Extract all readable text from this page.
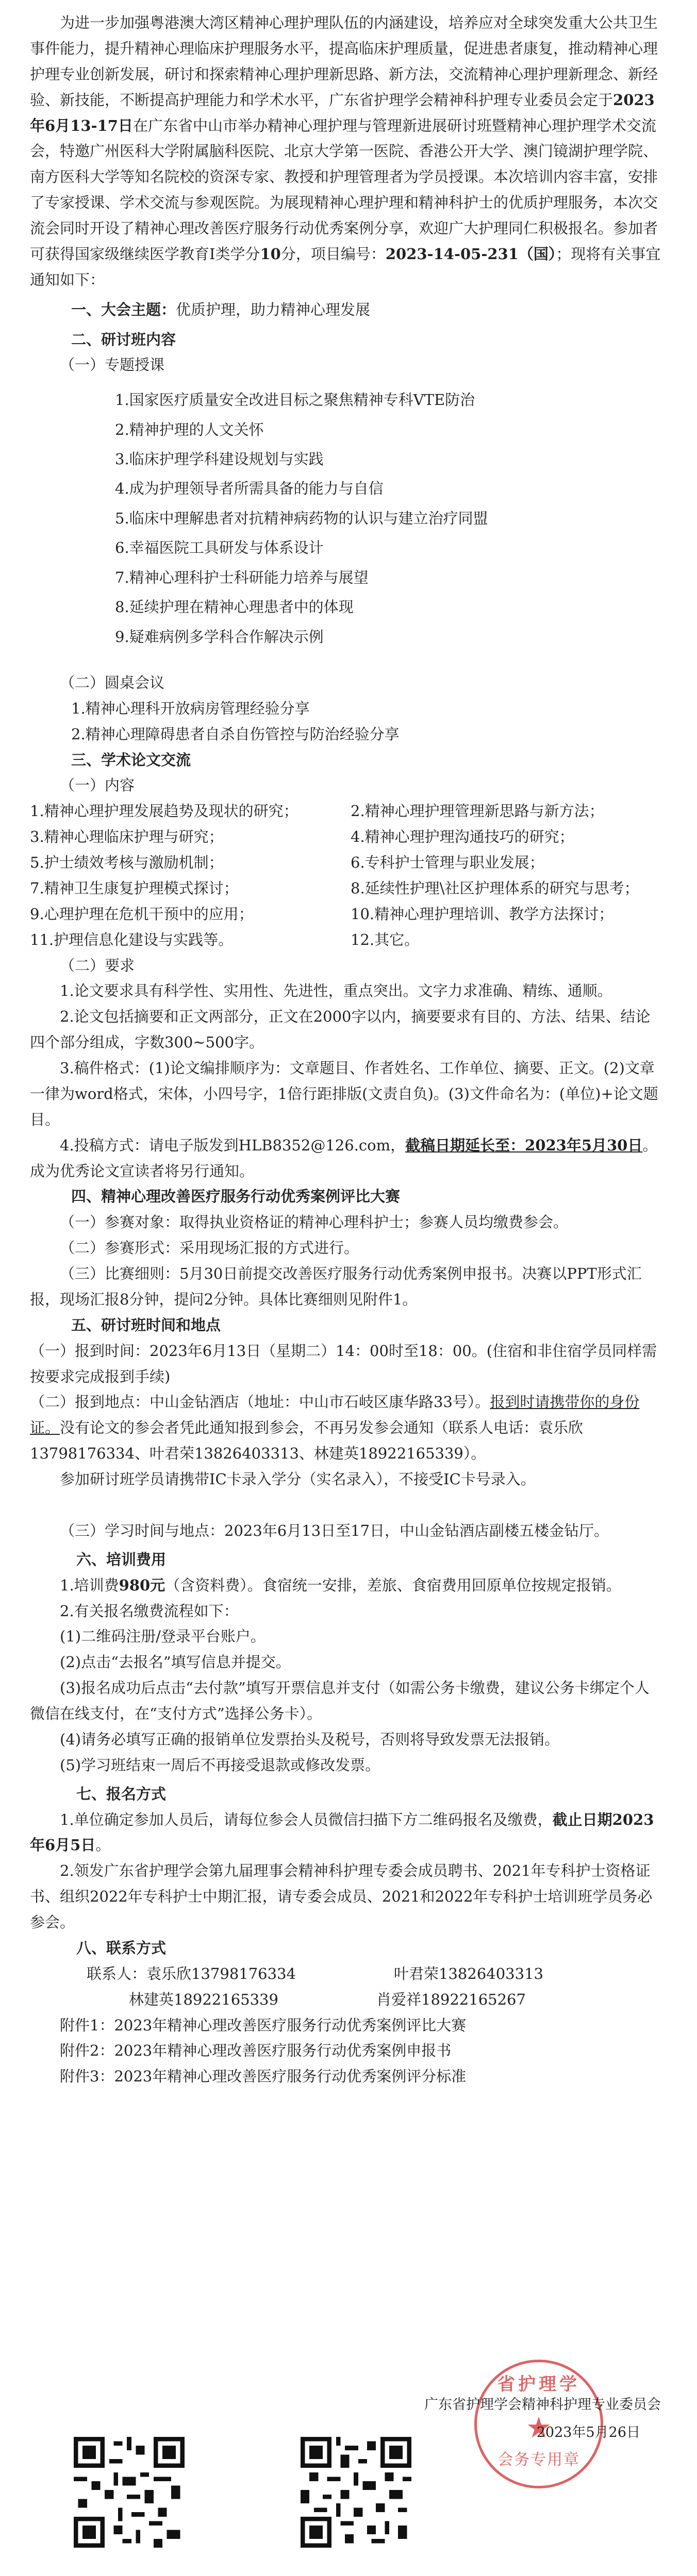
为进一步加强粤港澳大湾区精神心理护理队伍的内涵建设，培养应对全球突发重大公共卫生事件能力，提升精神心理临床护理服务水平，提高临床护理质量，促进患者康复，推动精神心理护理专业创新发展，研讨和探索精神心理护理新思路、新方法，交流精神心理护理新理念、新经验、新技能，不断提高护理能力和学术水平，广东省护理学会精神科护理专业委员会定于2023年6月13-17日在广东省中山市举办精神心理护理与管理新进展研讨班暨精神心理护理学术交流会，特邀广州医科大学附属脑科医院、北京大学第一医院、香港公开大学、澳门镜湖护理学院、南方医科大学等知名院校的资深专家、教授和护理管理者为学员授课。本次培训内容丰富，安排了专家授课、学术交流与参观医院。为展现精神心理护理和精神科护士的优质护理服务，本次交流会同时开设了精神心理改善医疗服务行动优秀案例分享，欢迎广大护理同仁积极报名。参加者可获得国家级继续医学教育Ⅰ类学分10分，项目编号：2023-14-05-231（国）；现将有关事宜通知如下：

一、大会主题：优质护理，助力精神心理发展

二、研讨班内容

（一）专题授课

1.国家医疗质量安全改进目标之聚焦精神专科VTE防治

2.精神护理的人文关怀

3.临床护理学科建设规划与实践

4.成为护理领导者所需具备的能力与自信

5.临床中理解患者对抗精神病药物的认识与建立治疗同盟

6.幸福医院工具研发与体系设计

7.精神心理科护士科研能力培养与展望

8.延续护理在精神心理患者中的体现

9.疑难病例多学科合作解决示例

（二）圆桌会议

1.精神心理科开放病房管理经验分享

2.精神心理障碍患者自杀自伤管控与防治经验分享

三、学术论文交流

（一）内容

1.精神心理护理发展趋势及现状的研究；	2.精神心理护理管理新思路与新方法；

3.精神心理临床护理与研究；	4.精神心理护理沟通技巧的研究；

5.护士绩效考核与激励机制；	6.专科护士管理与职业发展；

7.精神卫生康复护理模式探讨；	8.延续性护理\社区护理体系的研究与思考；

9.心理护理在危机干预中的应用；	10.精神心理护理培训、教学方法探讨；

11.护理信息化建设与实践等。	12.其它。

（二）要求

1.论文要求具有科学性、实用性、先进性，重点突出。文字力求准确、精练、通顺。

2.论文包括摘要和正文两部分，正文在2000字以内，摘要要求有目的、方法、结果、结论四个部分组成，字数300~500字。

3.稿件格式：(1)论文编排顺序为：文章题目、作者姓名、工作单位、摘要、正文。(2)文章一律为word格式，宋体，小四号字，1倍行距排版(文责自负)。(3)文件命名为：(单位)+论文题目。

4.投稿方式：请电子版发到HLB8352@126.com，截稿日期延长至：2023年5月30日。成为优秀论文宣读者将另行通知。

四、精神心理改善医疗服务行动优秀案例评比大赛

（一）参赛对象：取得执业资格证的精神心理科护士；参赛人员均缴费参会。

（二）参赛形式：采用现场汇报的方式进行。

（三）比赛细则：5月30日前提交改善医疗服务行动优秀案例申报书。决赛以PPT形式汇报，现场汇报8分钟，提问2分钟。具体比赛细则见附件1。

五、研讨班时间和地点

（一）报到时间：2023年6月13日（星期二）14：00时至18：00。(住宿和非住宿学员同样需按要求完成报到手续)

（二）报到地点：中山金钻酒店（地址：中山市石岐区康华路33号）。报到时请携带你的身份证。没有论文的参会者凭此通知报到参会，不再另发参会通知（联系人电话：袁乐欣13798176334、叶君荣13826403313、林建英18922165339）。

参加研讨班学员请携带IC卡录入学分（实名录入），不接受IC卡号录入。

（三）学习时间与地点：2023年6月13日至17日，中山金钻酒店副楼五楼金钻厅。

六、培训费用

1.培训费980元（含资料费）。食宿统一安排，差旅、食宿费用回原单位按规定报销。

2.有关报名缴费流程如下：

(1)二维码注册/登录平台账户。

(2)点击“去报名”填写信息并提交。

(3)报名成功后点击“去付款”填写开票信息并支付（如需公务卡缴费，建议公务卡绑定个人微信在线支付，在“支付方式”选择公务卡）。

(4)请务必填写正确的报销单位发票抬头及税号，否则将导致发票无法报销。

(5)学习班结束一周后不再接受退款或修改发票。

七、报名方式

1.单位确定参加人员后，请每位参会人员微信扫描下方二维码报名及缴费，截止日期2023年6月5日。

2.领发广东省护理学会第九届理事会精神科护理专委会成员聘书、2021年专科护士资格证书、组织2022年专科护士中期汇报，请专委会成员、2021和2022年专科护士培训班学员务必参会。

八、联系方式

联系人：袁乐欣13798176334	叶君荣13826403313

林建英18922165339	肖爱祥18922165267

附件1：2023年精神心理改善医疗服务行动优秀案例评比大赛

附件2：2023年精神心理改善医疗服务行动优秀案例申报书

附件3：2023年精神心理改善医疗服务行动优秀案例评分标准

省护理学
★
会务专用章

广东省护理学会精神科护理专业委员会

2023年5月26日
